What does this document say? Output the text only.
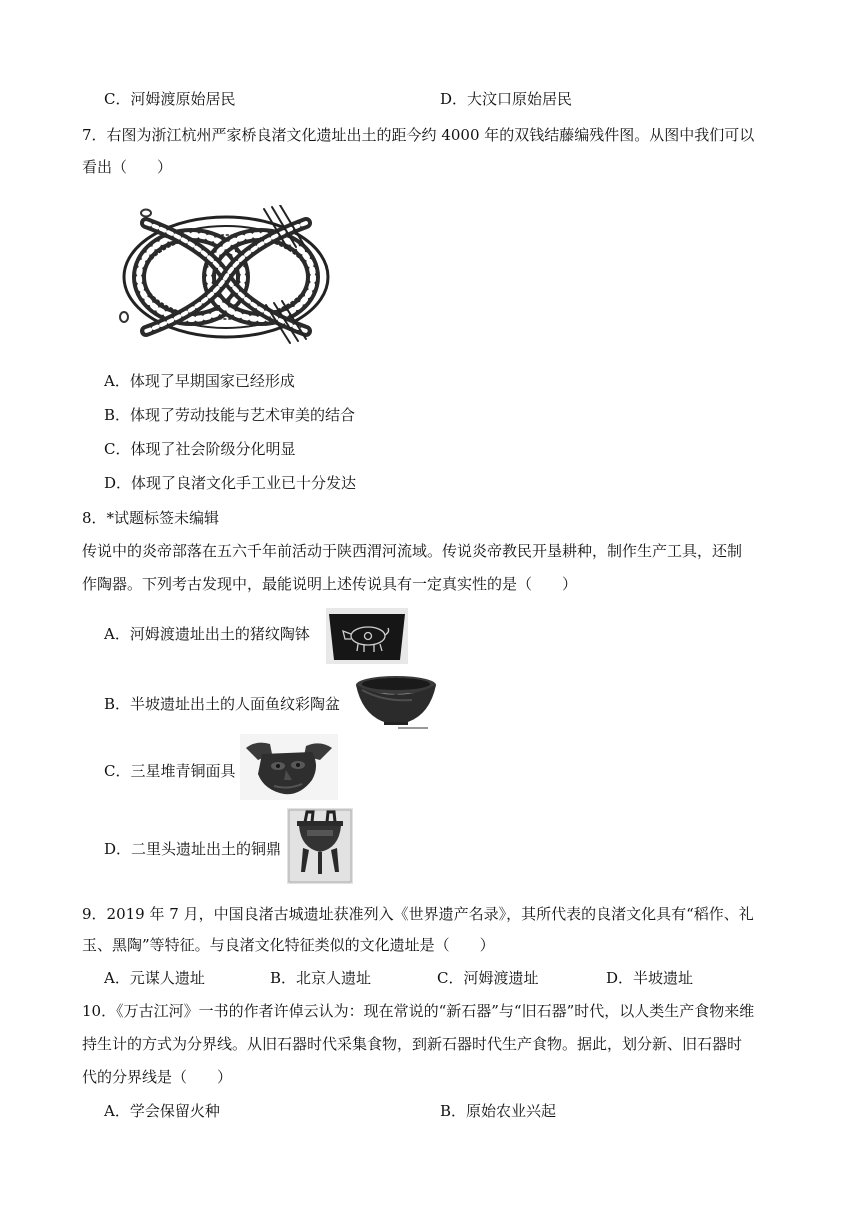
C．河姆渡原始居民	D．大汶口原始居民
7．右图为浙江杭州严家桥良渚文化遗址出土的距今约 4000 年的双钱结藤编残件图。从图中我们可以
看出（　　）
A．体现了早期国家已经形成
B．体现了劳动技能与艺术审美的结合
C．体现了社会阶级分化明显
D．体现了良渚文化手工业已十分发达
8．*试题标签未编辑
传说中的炎帝部落在五六千年前活动于陕西渭河流域。传说炎帝教民开垦耕种，制作生产工具，还制
作陶器。下列考古发现中，最能说明上述传说具有一定真实性的是（　　）
A．河姆渡遗址出土的猪纹陶钵
B．半坡遗址出土的人面鱼纹彩陶盆
C．三星堆青铜面具
D．二里头遗址出土的铜鼎
9．2019 年 7 月，中国良渚古城遗址获准列入《世界遗产名录》，其所代表的良渚文化具有“稻作、礼
玉、黑陶”等特征。与良渚文化特征类似的文化遗址是（　　）
A．元谋人遗址	B．北京人遗址	C．河姆渡遗址	D．半坡遗址
10．《万古江河》一书的作者许倬云认为：现在常说的“新石器”与“旧石器”时代，以人类生产食物来维
持生计的方式为分界线。从旧石器时代采集食物，到新石器时代生产食物。据此，划分新、旧石器时
代的分界线是（　　）
A．学会保留火种	B．原始农业兴起
